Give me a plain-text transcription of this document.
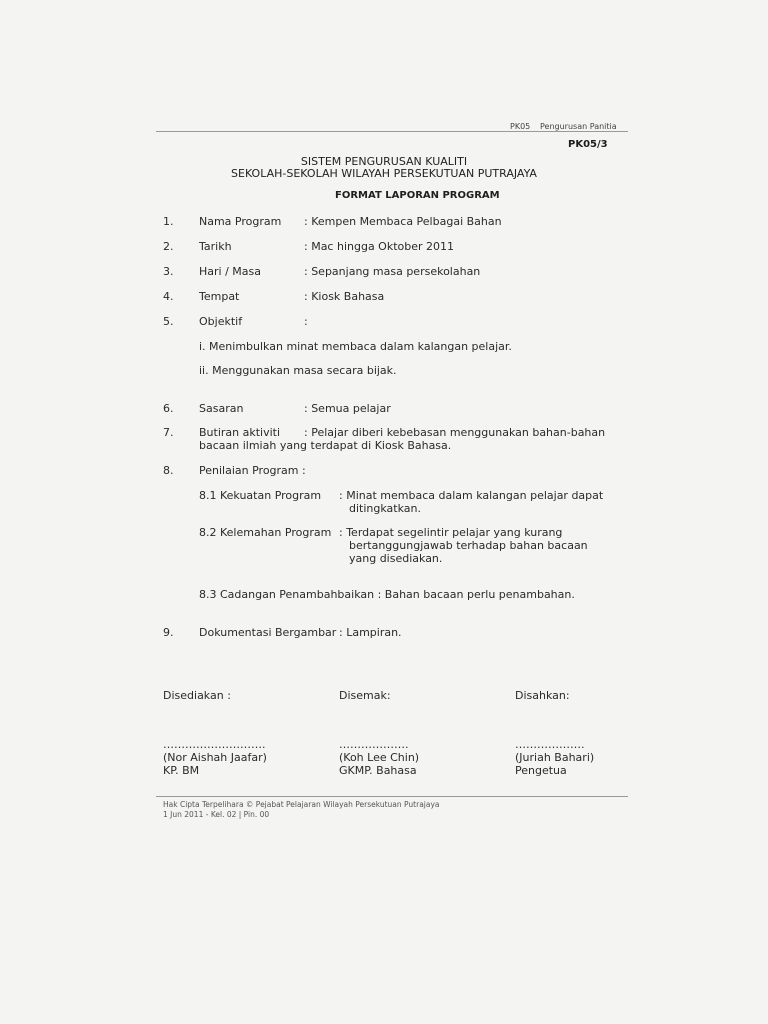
PK05 Pengurusan Panitia
PK05/3
SISTEM PENGURUSAN KUALITI
SEKOLAH-SEKOLAH WILAYAH PERSEKUTUAN PUTRAJAYA
FORMAT LAPORAN PROGRAM
1. Nama Program : Kempen Membaca Pelbagai Bahan
2. Tarikh	: Mac hingga Oktober 2011
3. Hari / Masa	: Sepanjang masa persekolahan
4. Tempat	: Kiosk Bahasa
5. Objektif	:
i. Menimbulkan minat membaca dalam kalangan pelajar.
ii. Menggunakan masa secara bijak.
6. Sasaran	: Semua pelajar
7. Butiran aktiviti : Pelajar diberi kebebasan menggunakan bahan-bahan
bacaan ilmiah yang terdapat di Kiosk Bahasa.
8. Penilaian Program :
8.1 Kekuatan Program : Minat membaca dalam kalangan pelajar dapat
ditingkatkan.
8.2 Kelemahan Program : Terdapat segelintir pelajar yang kurang
bertanggungjawab terhadap bahan bacaan
yang disediakan.
8.3 Cadangan Penambahbaikan : Bahan bacaan perlu penambahan.
9. Dokumentasi Bergambar : Lampiran.
Disediakan :	Disemak:	Disahkan:
……………………….	……………….	……………….
(Nor Aishah Jaafar)	(Koh Lee Chin)	(Juriah Bahari)
KP. BM	GKMP. Bahasa	Pengetua
Hak Cipta Terpelihara © Pejabat Pelajaran Wilayah Persekutuan Putrajaya
1 Jun 2011 - Kel. 02 | Pin. 00
